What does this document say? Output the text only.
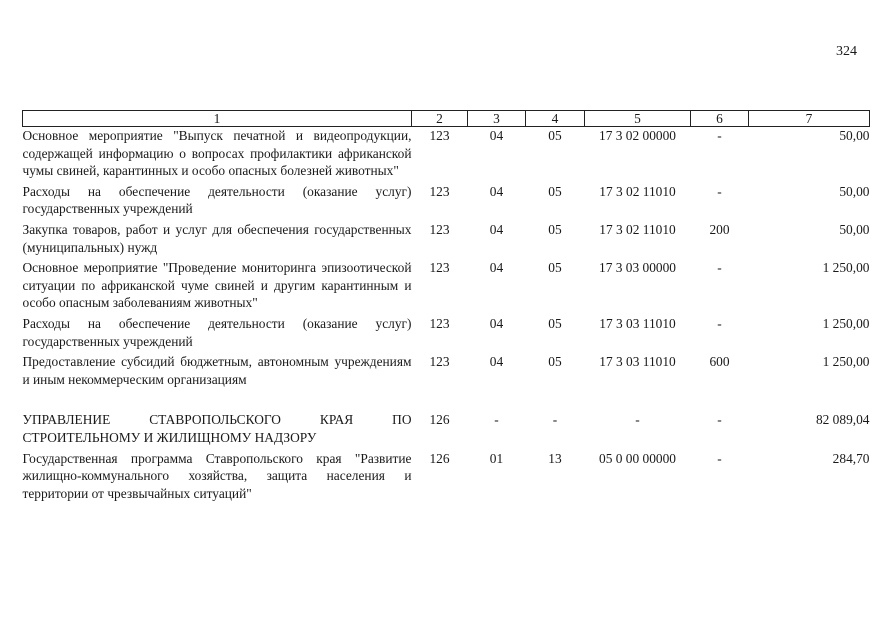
324
1	2	3	4	5	6	7
Основное мероприятие "Выпуск печатной и видеопродукции, содержащей информацию о вопросах профилактики африканской чумы свиней, карантинных и особо опасных болезней животных"	123	04	05	17 3 02 00000	-	50,00
Расходы на обеспечение деятельности (оказание услуг) государственных учреждений	123	04	05	17 3 02 11010	-	50,00
Закупка товаров, работ и услуг для обеспечения государственных (муниципальных) нужд	123	04	05	17 3 02 11010	200	50,00
Основное мероприятие "Проведение мониторинга эпизоотической ситуации по африканской чуме свиней и другим карантинным и особо опасным заболеваниям животных"	123	04	05	17 3 03 00000	-	1 250,00
Расходы на обеспечение деятельности (оказание услуг) государственных учреждений	123	04	05	17 3 03 11010	-	1 250,00
Предоставление субсидий бюджетным, автономным учреждениям и иным некоммерческим организациям	123	04	05	17 3 03 11010	600	1 250,00

УПРАВЛЕНИЕ СТАВРОПОЛЬСКОГО КРАЯ ПО СТРОИТЕЛЬНОМУ И ЖИЛИЩНОМУ НАДЗОРУ	126	-	-	-	-	82 089,04
Государственная программа Ставропольского края "Развитие жилищно-коммунального хозяйства, защита населения и территории от чрезвычайных ситуаций"	126	01	13	05 0 00 00000	-	284,70
